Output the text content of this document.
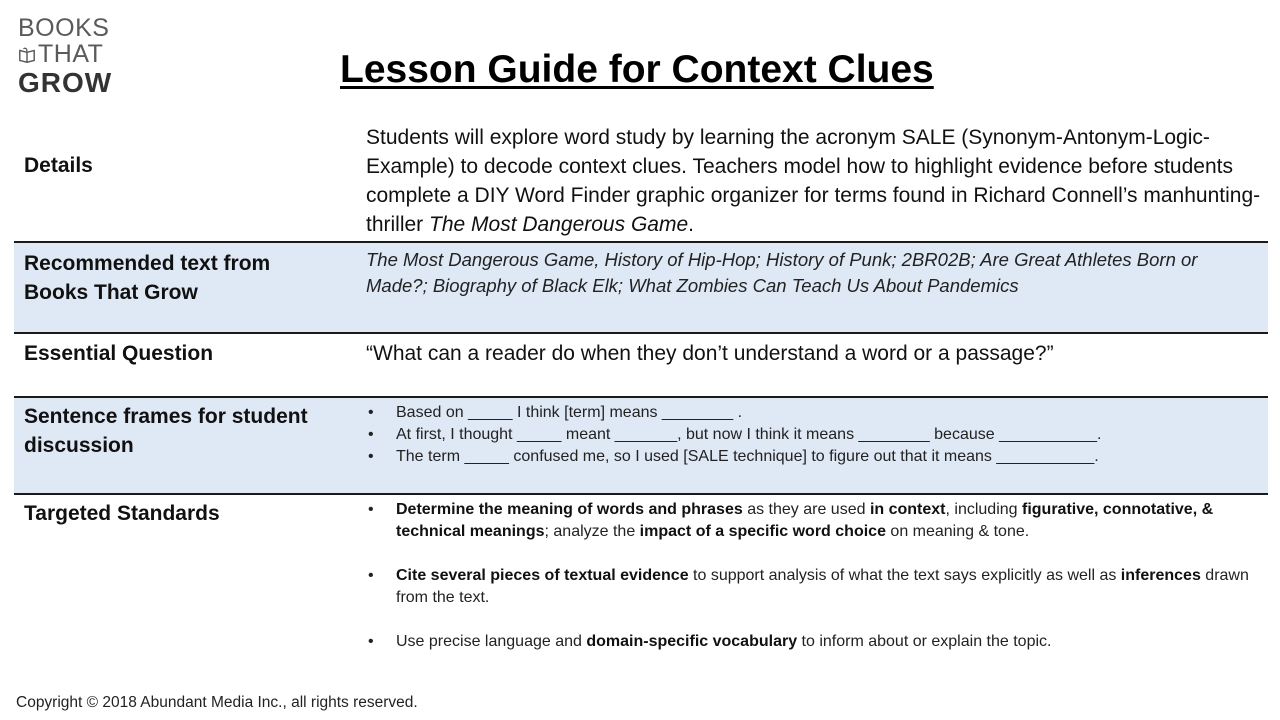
BOOKS
THAT
GROW	Lesson Guide for Context Clues
Details
Students will explore word study by learning the acronym SALE (Synonym-Antonym-Logic-Example) to decode context clues. Teachers model how to highlight evidence before students complete a DIY Word Finder graphic organizer for terms found in Richard Connell’s manhunting-thriller The Most Dangerous Game.
Recommended text from Books That Grow
The Most Dangerous Game, History of Hip-Hop; History of Punk; 2BR02B; Are Great Athletes Born or Made?; Biography of Black Elk; What Zombies Can Teach Us About Pandemics
Essential Question	“What can a reader do when they don’t understand a word or a passage?”
Sentence frames for student discussion
• Based on _____ I think [term] means ________ .
• At first, I thought _____ meant _______, but now I think it means ________ because ___________.
• The term _____ confused me, so I used [SALE technique] to figure out that it means ___________.
Targeted Standards
•	Determine the meaning of words and phrases as they are used in context, including figurative, connotative, & technical meanings; analyze the impact of a specific word choice on meaning & tone.
• Cite several pieces of textual evidence to support analysis of what the text says explicitly as well as inferences drawn from the text.
• Use precise language and domain-specific vocabulary to inform about or explain the topic.
Copyright © 2018 Abundant Media Inc., all rights reserved.
